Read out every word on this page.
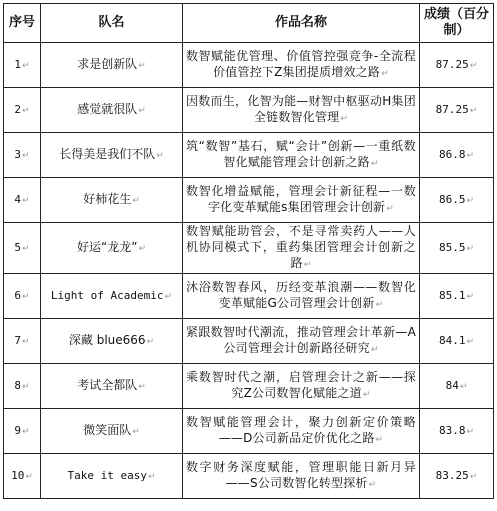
序号	队名	作品名称	成绩（百分制）
1↵	求是创新队↵	数智赋能优管理、价值管控强竞争-全流程价值管控下Z集团提质增效之路↵	87.25↵
2↵	感觉就很队↵	因数而生，化智为能—财智中枢驱动H集团全链数智化管理↵	87.25↵
3↵	长得美是我们不队↵	筑“数智”基石，赋“会计”创新—一重纸数智化赋能管理会计创新之路↵	86.8↵
4↵	好柿花生↵	数智化增益赋能，管理会计新征程—一数字化变革赋能s集团管理会计创新↵	86.5↵
5↵	好运“龙龙”↵	数智赋能助管会，不是寻常卖药人——人机协同模式下，重药集团管理会计创新之路↵	85.5↵
6↵	Light of Academic↵	沐浴数智春风，历经变革浪潮——数智化变革赋能G公司管理会计创新↵	85.1↵
7↵	深藏 blue666↵	紧跟数智时代潮流，推动管理会计革新—A公司管理会计创新路径研究↵	84.1↵
8↵	考试全都队↵	乘数智时代之潮，启管理会计之新——探究Z公司数智化赋能之道↵	84↵
9↵	微笑面队↵	数智赋能管理会计，聚力创新定价策略——D公司新品定价优化之路↵	83.8↵
10↵	Take it easy↵	数字财务深度赋能，管理职能日新月异——S公司数智化转型探析↵	83.25↵
